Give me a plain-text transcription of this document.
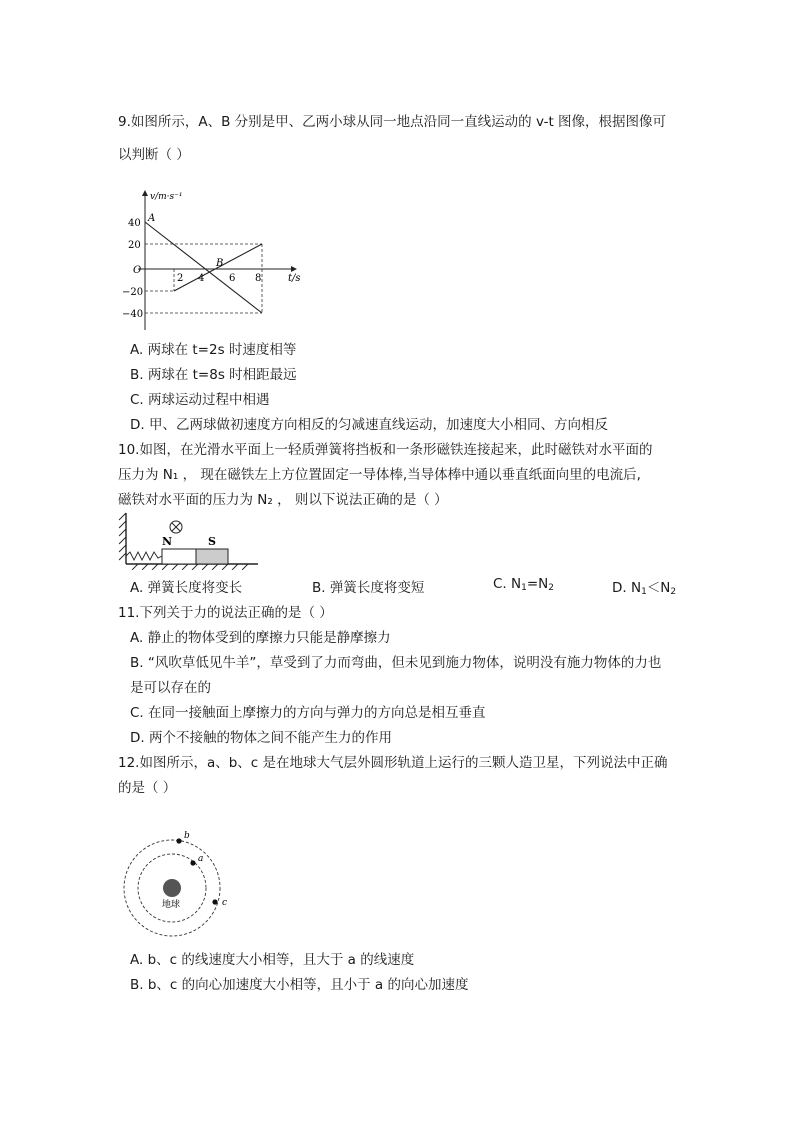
9.如图所示，A、B 分别是甲、乙两小球从同一地点沿同一直线运动的 v-t 图像，根据图像可
以判断（ ）
v/m·s⁻¹
t/s
O
40
20
−20
−40
2 4 6 8
A
B
A. 两球在 t=2s 时速度相等
B. 两球在 t=8s 时相距最远
C. 两球运动过程中相遇
D. 甲、乙两球做初速度方向相反的匀减速直线运动，加速度大小相同、方向相反
10.如图，在光滑水平面上一轻质弹簧将挡板和一条形磁铁连接起来，此时磁铁对水平面的
压力为 N₁ ， 现在磁铁左上方位置固定一导体棒,当导体棒中通以垂直纸面向里的电流后,
磁铁对水平面的压力为 N₂ ， 则以下说法正确的是（ ）
N	S
A. 弹簧长度将变长	B. 弹簧长度将变短	C. $N_1=N_2$	D. $N_1<N_2$
11.下列关于力的说法正确的是（ ）
A. 静止的物体受到的摩擦力只能是静摩擦力
B. “风吹草低见牛羊”，草受到了力而弯曲，但未见到施力物体，说明没有施力物体的力也
是可以存在的
C. 在同一接触面上摩擦力的方向与弹力的方向总是相互垂直
D. 两个不接触的物体之间不能产生力的作用
12.如图所示，a、b、c 是在地球大气层外圆形轨道上运行的三颗人造卫星，下列说法中正确
的是（ ）
地球
b
a
c
A. b、c 的线速度大小相等，且大于 a 的线速度
B. b、c 的向心加速度大小相等，且小于 a 的向心加速度
